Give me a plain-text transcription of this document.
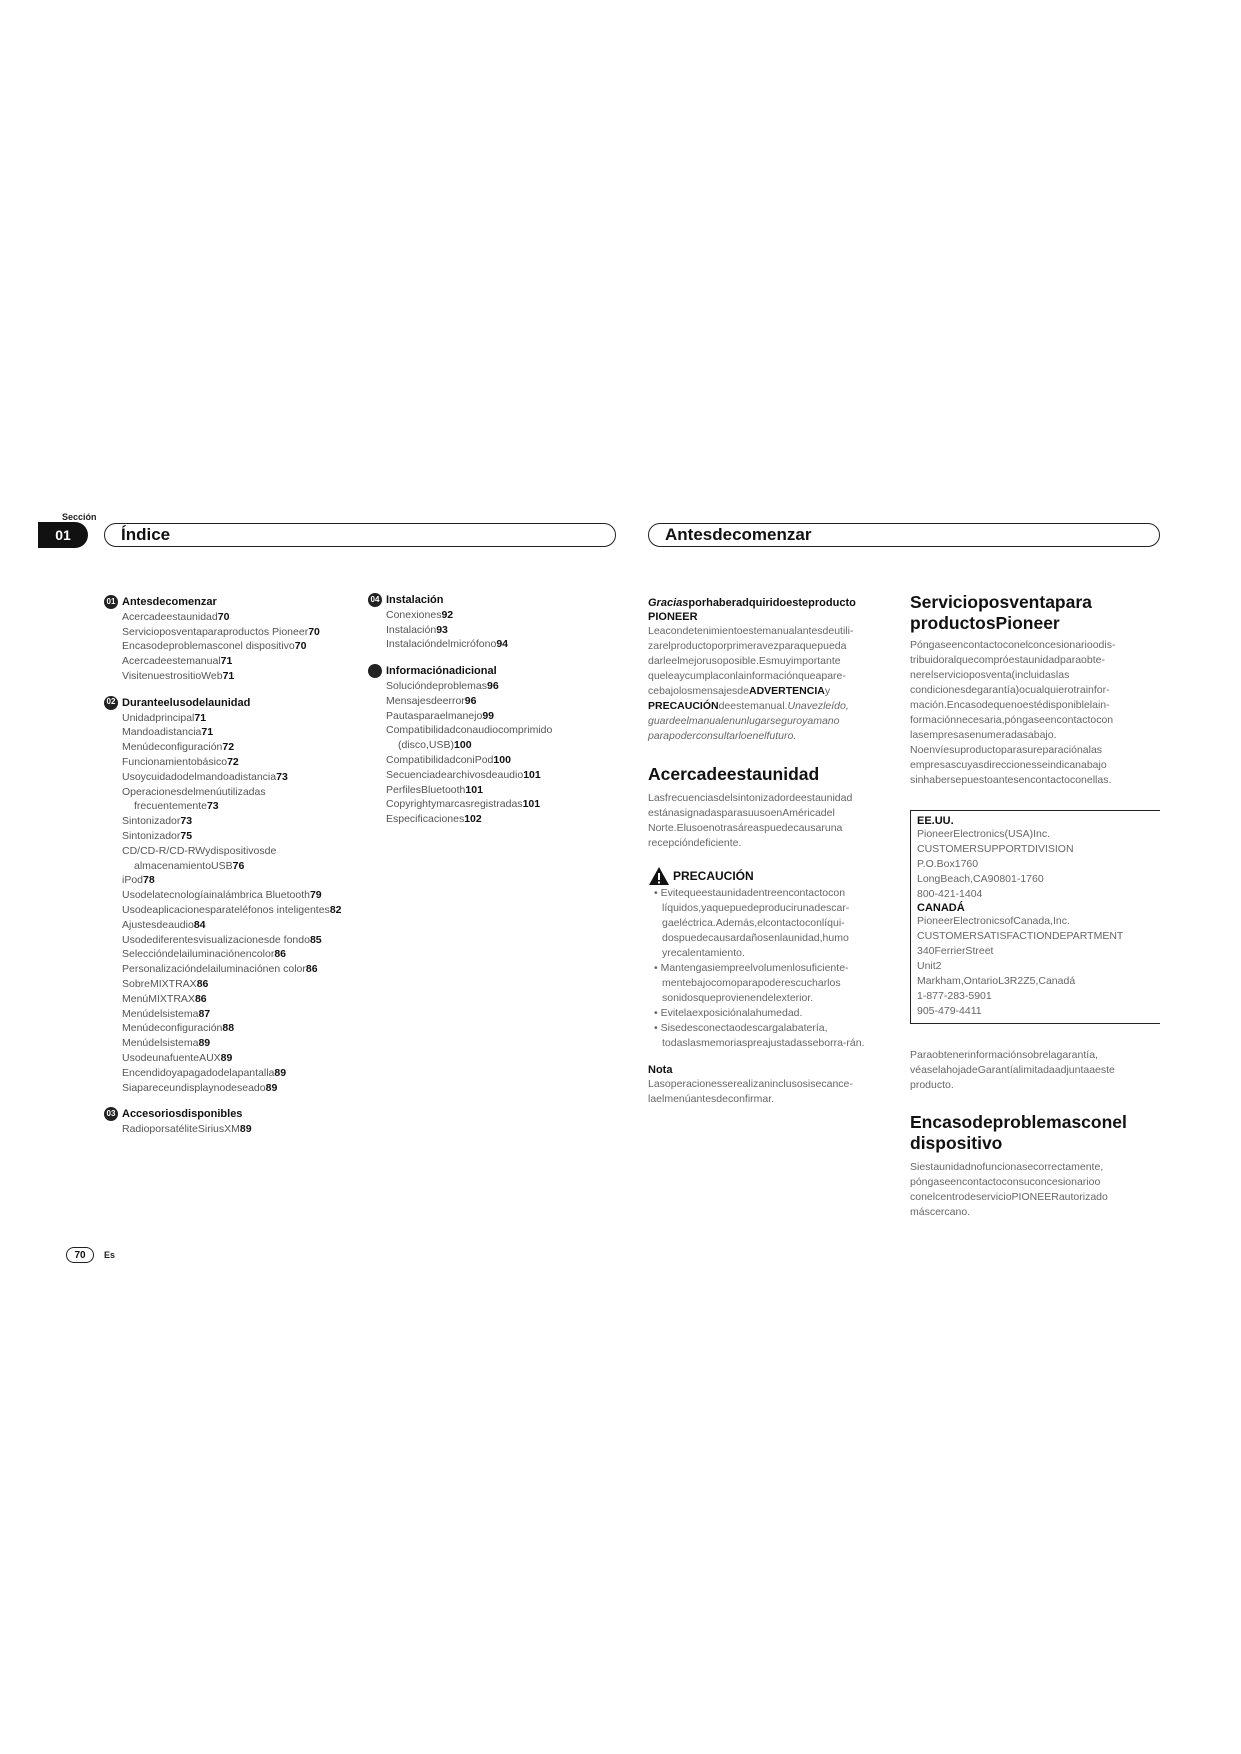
Sección
01	Índice	Antesdecomenzar
01 Antesdecomenzar
Acercadeestaunidad70
Servicioposventaparaproductos Pioneer70
Encasodeproblemasconel dispositivo70
Acercadeestemanual71
VisitenuestrositioWeb71
02 Duranteelusodelaunidad
Unidadprincipal71
Mandoadistancia71
Menúdeconfiguración72
Funcionamientobásico72
Usoycuidadodelmandoadistancia73
Operacionesdelmenúutilizadas frecuentemente73
Sintonizador73
Sintonizador75
CD/CD-R/CD-RWydispositivosde almacenamientoUSB76
iPod78
Usodelatecnologíainalámbrica Bluetooth79
Usodeaplicacionesparateléfonos inteligentes82
Ajustesdeaudio84
Usodediferentesvisualizacionesde fondo85
Seleccióndelailuminaciónencolor86
Personalizacióndelailuminaciónen color86
SobreMIXTRAX86
MenúMIXTRAX86
Menúdelsistema87
Menúdeconfiguración88
Menúdelsistema89
UsodeunafuenteAUX89
Encendidoyapagadodelapantalla89
Siapareceundisplaynodeseado89
03 Accesoriosdisponibles
RadioporsatéliteSiriusXM89
04 Instalación
Conexiones92
Instalación93
Instalacióndelmicrófono94
Informaciónadicional
Solucióndeproblemas96
Mensajesdeerror96
Pautasparaelmanejo99
Compatibilidadconaudiocomprimido (disco,USB)100
CompatibilidadconiPod100
Secuenciadearchivosdeaudio101
PerfilesBluetooth101
Copyrightymarcasregistradas101
Especificaciones102
Graciasporhaberadquiridoesteproducto
PIONEER
Leacondetenimientoestemanualantesdeutili-zarelproductoporprimeravezparaquepueda darleelmejorusoposible.Esmuyimportante queleaycumplaconlainformaciónqueapare-cebajolosmensajesdeADVERTENCIAy
PRECAUCIÓNdeestemanual.Unavezleído, guardeelmanualenunlugarseguroyamano parapoderconsultarloenelfuturo.
Acercadeestaunidad
Lasfrecuenciasdelsintonizadordeestaunidad estánasignadasparasuusoenAméricadel Norte.Elusoenotrasáreaspuedecausaruna recepcióndeficiente.
PRECAUCIÓN
• Evitequeestaunidadentreencontactocon líquidos,yaquepuedeproducirunadescar-gaeléctrica.Además,elcontactoconlíqui-dospuedecausardañosenlaunidad,humo yrecalentamiento.
• Mantengasiempreelvolumenlosuficiente-mentebajocomoparapoderescucharlos sonidosqueprovienendelexterior.
• Evitelaexposiciónalahumedad.
• Sisedesconectaodescargalabatería, todaslasmemoriaspreajustadasseborra-rán.
Nota
Lasoperacionesserealizaninclusosisecance-laelmenúantesdeconfirmar.
Servicioposventapara
productosPioneer
Póngaseencontactoconelconcesionarioodis-tribuidoralquecompróestaunidadparaobte-nerelservicioposventa(incluidaslas condicionesdegarantía)ocualquierotrainfor-mación.Encasodequenoestédisponiblelain-formaciónnecesaria,póngaseencontactocon lasempresasenumeradasabajo. Noenvíesuproductoparasureparaciónalas empresascuyasdireccionesseindicanabajo sinhabersepuestoantesencontactoconellas.
EE.UU.
PioneerElectronics(USA)Inc.
CUSTOMERSUPPORTDIVISION
P.O.Box1760
LongBeach,CA90801-1760
800-421-1404
CANADÁ
PioneerElectronicsofCanada,Inc.
CUSTOMERSATISFACTIONDEPARTMENT
340FerrierStreet
Unit2
Markham,OntarioL3R2Z5,Canadá
1-877-283-5901
905-479-4411
Paraobtenerinformaciónsobrelagarantía, véaselahojadeGarantíalimitadaadjuntaaeste producto.
Encasodeproblemasconel
dispositivo
Siestaunidadnofuncionasecorrectamente, póngaseencontactoconsuconcesionarioo conelcentrodeservicioPIONEERautorizado máscercano.
70	Es
